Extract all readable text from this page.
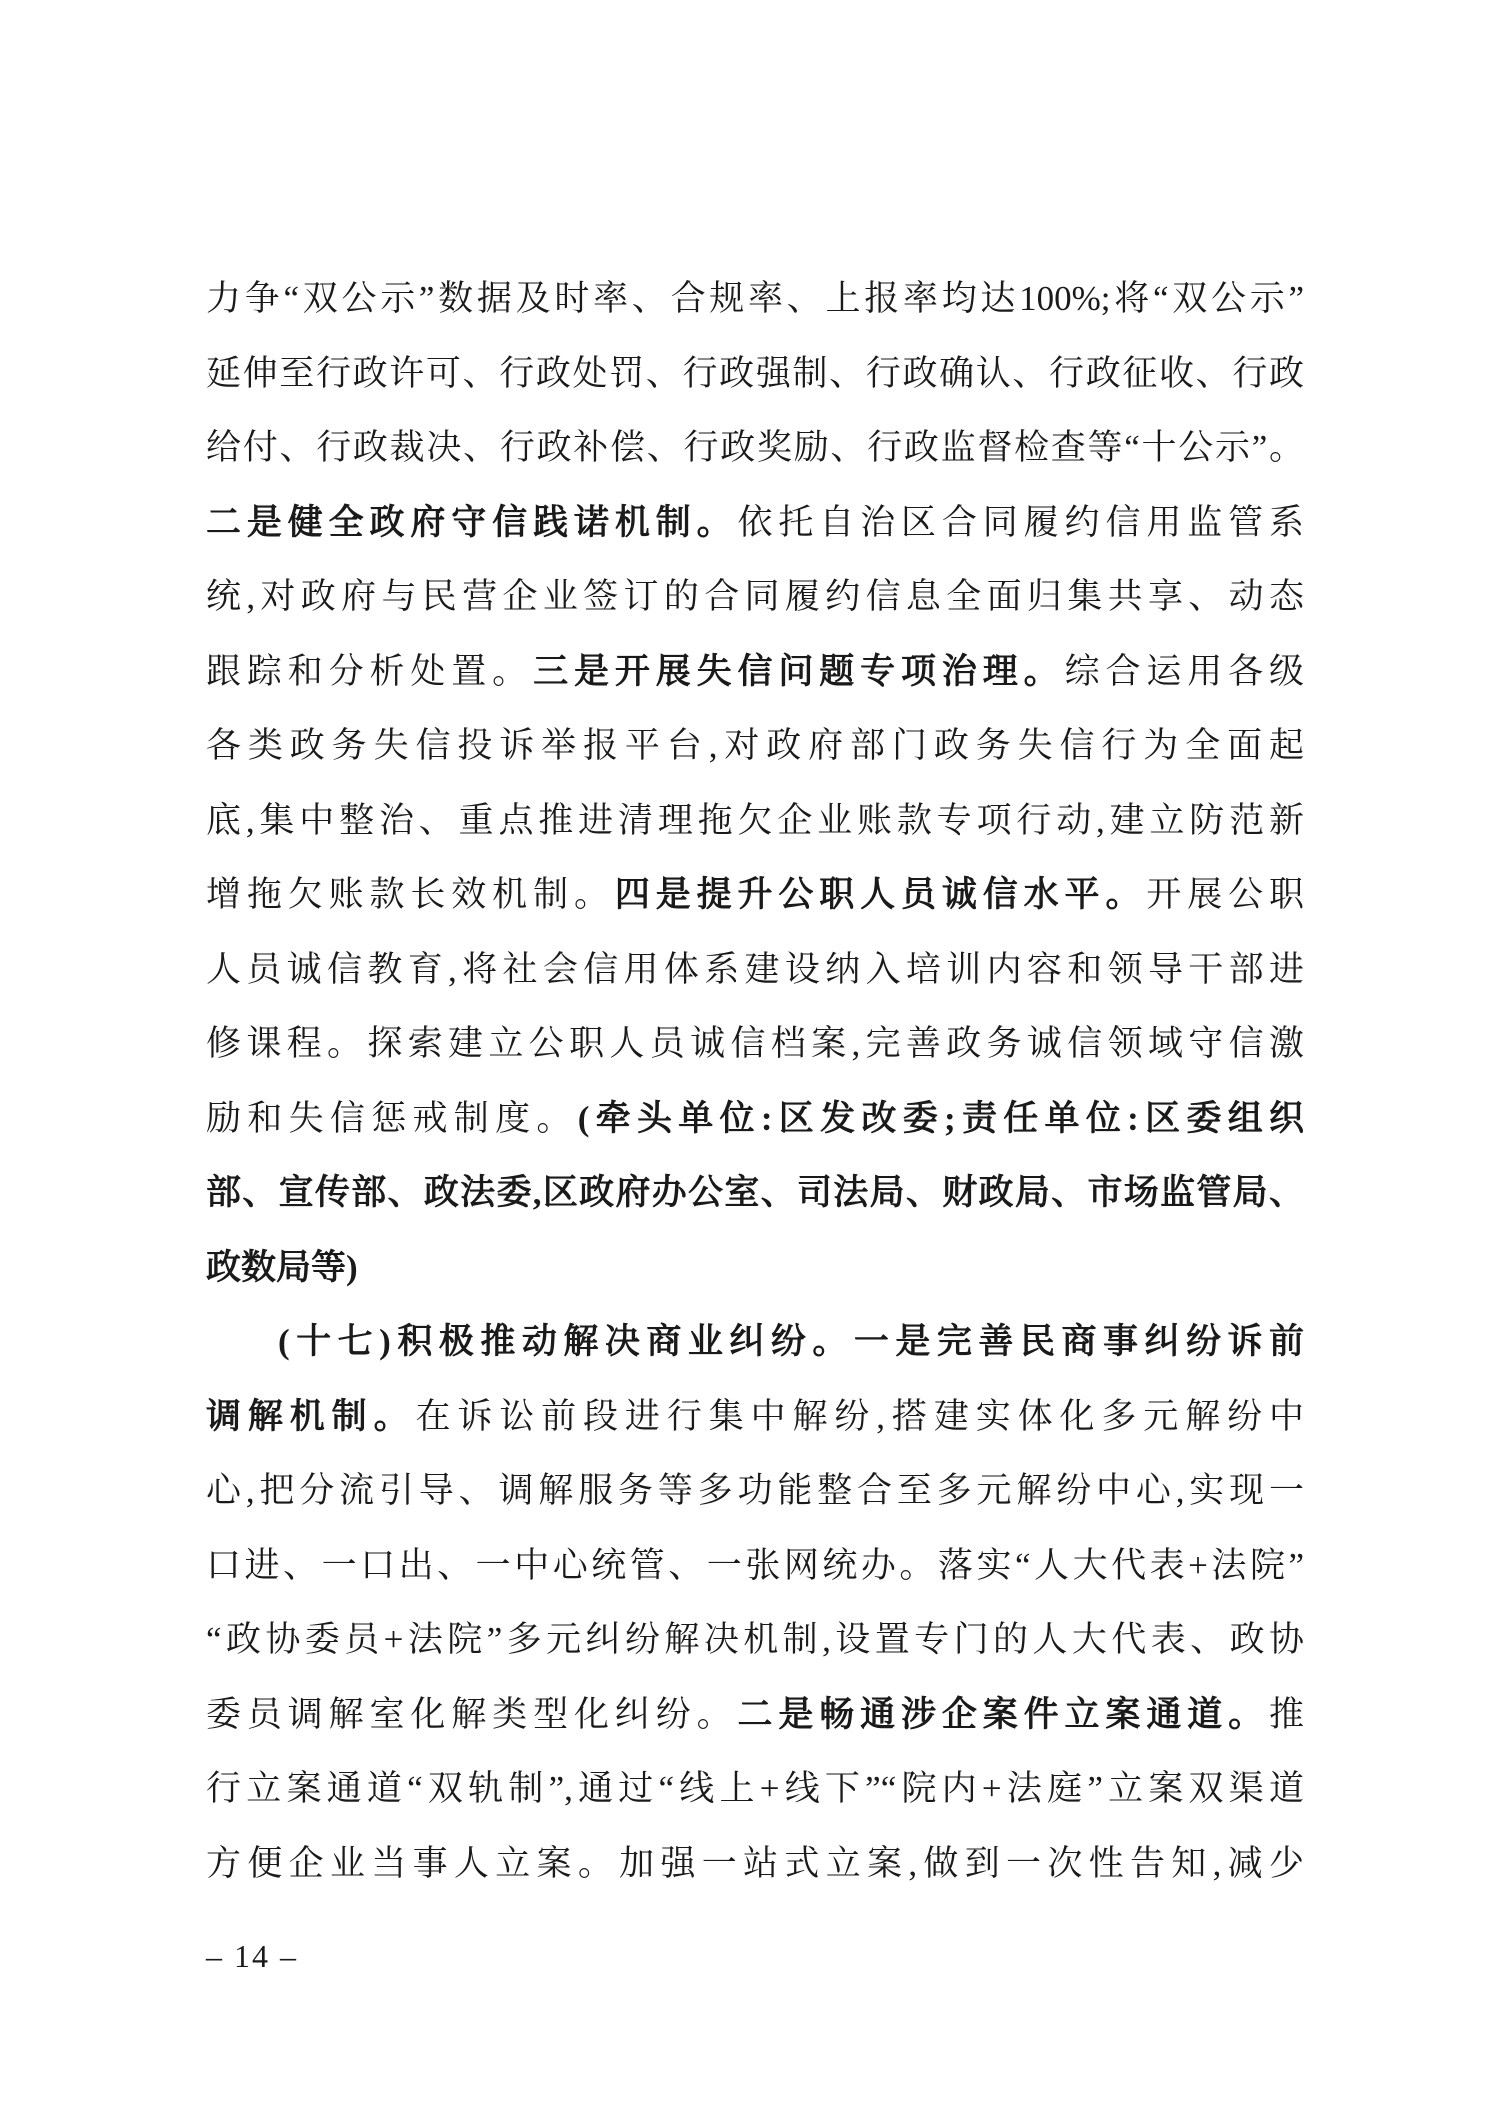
力争“双公示”数据及时率、合规率、上报率均达100%;将“双公示”
延伸至行政许可、行政处罚、行政强制、行政确认、行政征收、行政
给付、行政裁决、行政补偿、行政奖励、行政监督检查等“十公示”。
二是健全政府守信践诺机制。依托自治区合同履约信用监管系
统,对政府与民营企业签订的合同履约信息全面归集共享、动态
跟踪和分析处置。三是开展失信问题专项治理。综合运用各级
各类政务失信投诉举报平台,对政府部门政务失信行为全面起
底,集中整治、重点推进清理拖欠企业账款专项行动,建立防范新
增拖欠账款长效机制。四是提升公职人员诚信水平。开展公职
人员诚信教育,将社会信用体系建设纳入培训内容和领导干部进
修课程。探索建立公职人员诚信档案,完善政务诚信领域守信激
励和失信惩戒制度。(牵头单位:区发改委;责任单位:区委组织
部、宣传部、政法委,区政府办公室、司法局、财政局、市场监管局、
政数局等)
(十七)积极推动解决商业纠纷。一是完善民商事纠纷诉前
调解机制。在诉讼前段进行集中解纷,搭建实体化多元解纷中
心,把分流引导、调解服务等多功能整合至多元解纷中心,实现一
口进、一口出、一中心统管、一张网统办。落实“人大代表+法院”
“政协委员+法院”多元纠纷解决机制,设置专门的人大代表、政协
委员调解室化解类型化纠纷。二是畅通涉企案件立案通道。推
行立案通道“双轨制”,通过“线上+线下”“院内+法庭”立案双渠道
方便企业当事人立案。加强一站式立案,做到一次性告知,减少
– 14 –
